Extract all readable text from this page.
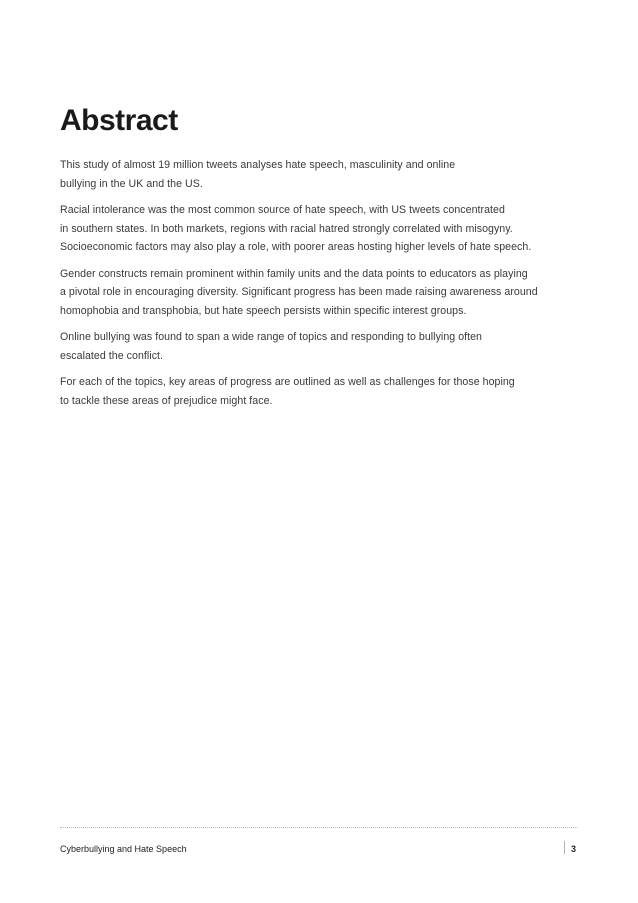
Abstract

This study of almost 19 million tweets analyses hate speech, masculinity and online
bullying in the UK and the US.

Racial intolerance was the most common source of hate speech, with US tweets concentrated
in southern states. In both markets, regions with racial hatred strongly correlated with misogyny.
Socioeconomic factors may also play a role, with poorer areas hosting higher levels of hate speech.

Gender constructs remain prominent within family units and the data points to educators as playing
a pivotal role in encouraging diversity. Significant progress has been made raising awareness around
homophobia and transphobia, but hate speech persists within specific interest groups.

Online bullying was found to span a wide range of topics and responding to bullying often
escalated the conflict.

For each of the topics, key areas of progress are outlined as well as challenges for those hoping
to tackle these areas of prejudice might face.

Cyberbullying and Hate Speech	3
